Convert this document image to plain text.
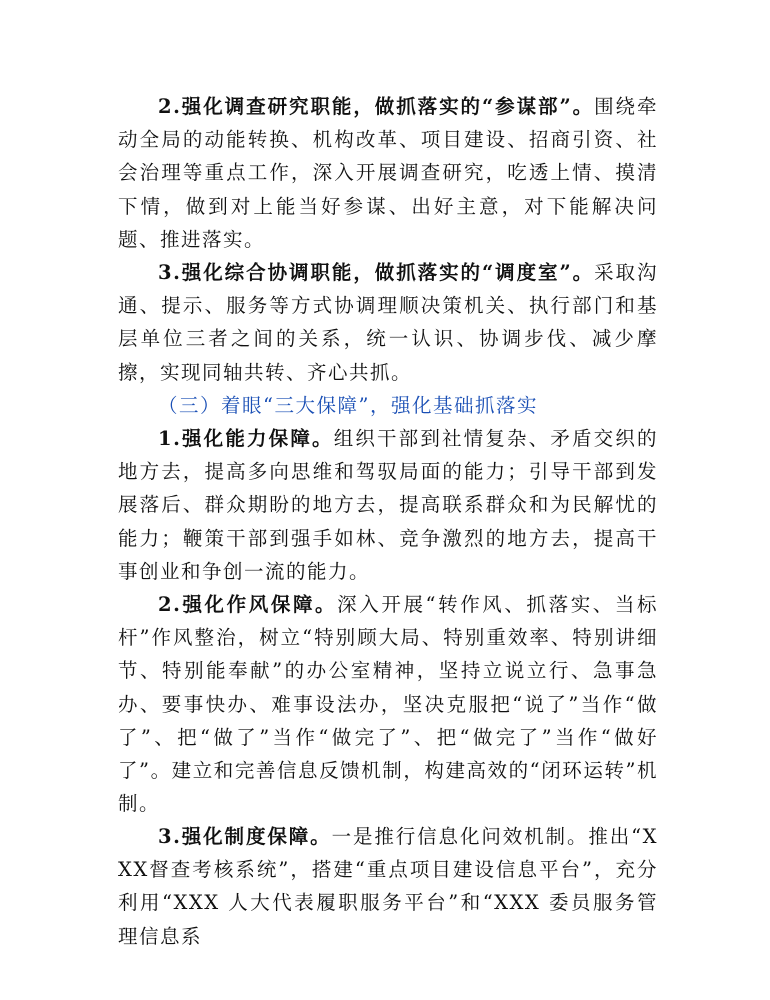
2.强化调查研究职能，做抓落实的“参谋部”。围绕牵动全局的动能转换、机构改革、项目建设、招商引资、社会治理等重点工作，深入开展调查研究，吃透上情、摸清下情，做到对上能当好参谋、出好主意，对下能解决问题、推进落实。

3.强化综合协调职能，做抓落实的“调度室”。采取沟通、提示、服务等方式协调理顺决策机关、执行部门和基层单位三者之间的关系，统一认识、协调步伐、减少摩擦，实现同轴共转、齐心共抓。

（三）着眼“三大保障”，强化基础抓落实

1.强化能力保障。组织干部到社情复杂、矛盾交织的地方去，提高多向思维和驾驭局面的能力；引导干部到发展落后、群众期盼的地方去，提高联系群众和为民解忧的能力；鞭策干部到强手如林、竞争激烈的地方去，提高干事创业和争创一流的能力。

2.强化作风保障。深入开展“转作风、抓落实、当标杆”作风整治，树立“特别顾大局、特别重效率、特别讲细节、特别能奉献”的办公室精神，坚持立说立行、急事急办、要事快办、难事设法办，坚决克服把“说了”当作“做了”、把“做了”当作“做完了”、把“做完了”当作“做好了”。建立和完善信息反馈机制，构建高效的“闭环运转”机制。

3.强化制度保障。一是推行信息化问效机制。推出“XXX督查考核系统”，搭建“重点项目建设信息平台”，充分利用“XXX 人大代表履职服务平台”和“XXX 委员服务管理信息系
